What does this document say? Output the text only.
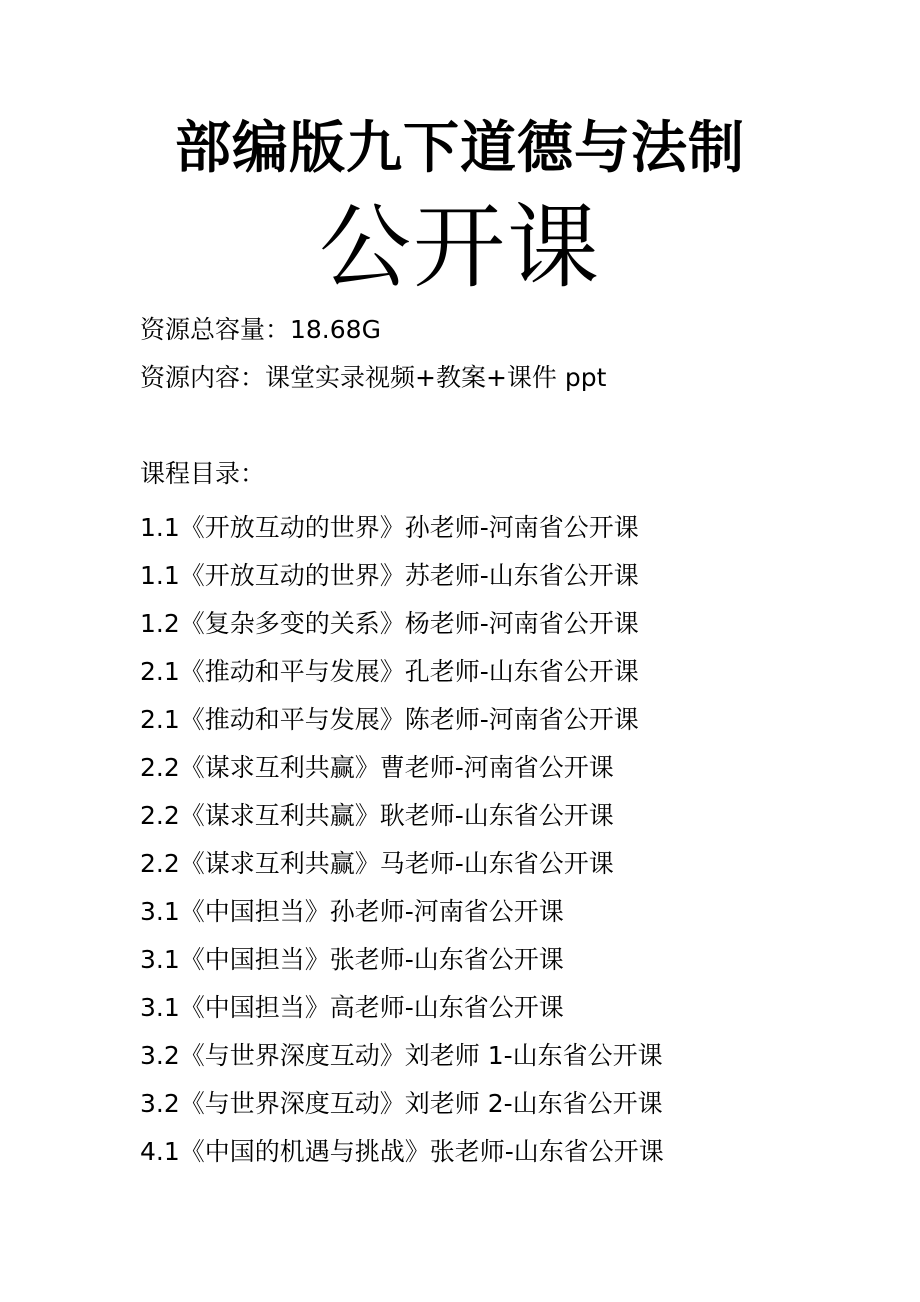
部编版九下道德与法制
公开课
资源总容量：18.68G
资源内容：课堂实录视频+教案+课件 ppt
课程目录：
1.1《开放互动的世界》孙老师-河南省公开课
1.1《开放互动的世界》苏老师-山东省公开课
1.2《复杂多变的关系》杨老师-河南省公开课
2.1《推动和平与发展》孔老师-山东省公开课
2.1《推动和平与发展》陈老师-河南省公开课
2.2《谋求互利共赢》曹老师-河南省公开课
2.2《谋求互利共赢》耿老师-山东省公开课
2.2《谋求互利共赢》马老师-山东省公开课
3.1《中国担当》孙老师-河南省公开课
3.1《中国担当》张老师-山东省公开课
3.1《中国担当》高老师-山东省公开课
3.2《与世界深度互动》刘老师 1-山东省公开课
3.2《与世界深度互动》刘老师 2-山东省公开课
4.1《中国的机遇与挑战》张老师-山东省公开课
